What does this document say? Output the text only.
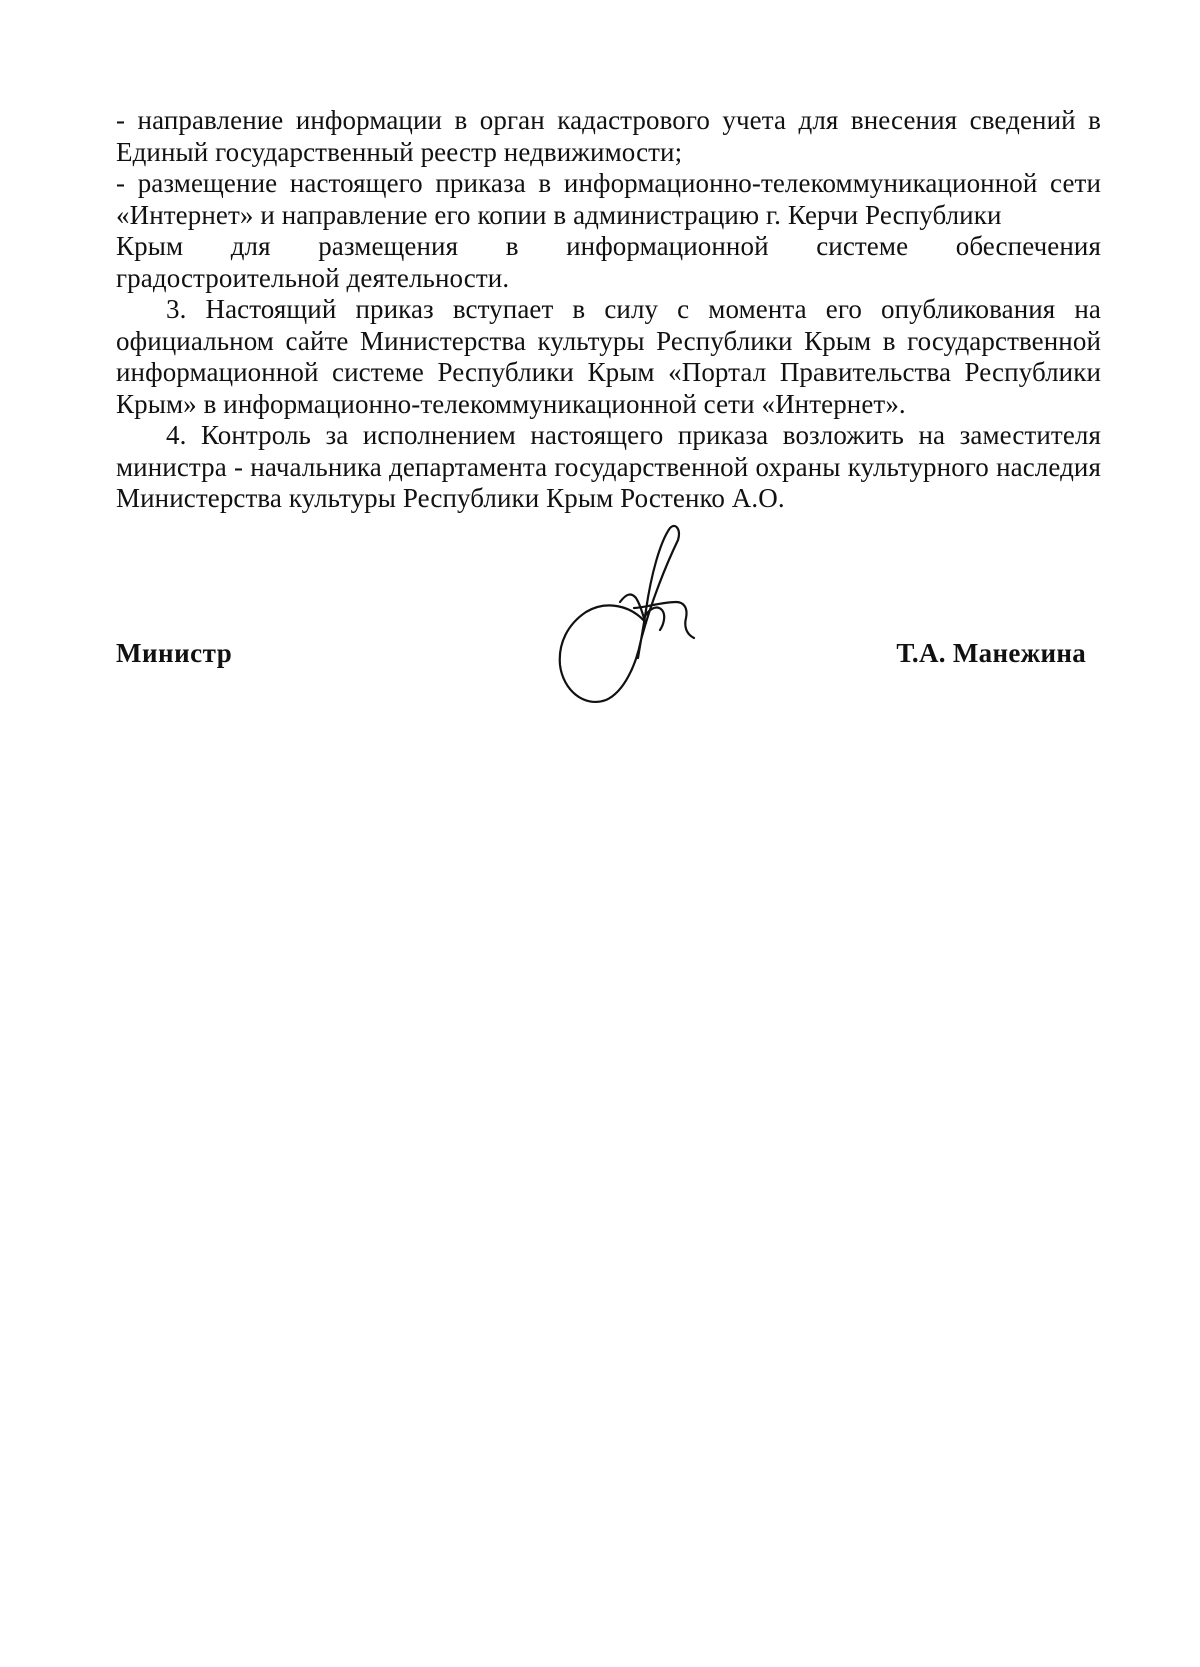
- направление информации в орган кадастрового учета для внесения сведений в Единый государственный реестр недвижимости;

- размещение настоящего приказа в информационно-телекоммуникационной сети «Интернет» и направление его копии в администрацию г. Керчи Республики

Крым для размещения в информационной системе обеспечения

градостроительной деятельности.

3. Настоящий приказ вступает в силу с момента его опубликования на официальном сайте Министерства культуры Республики Крым в государственной информационной системе Республики Крым «Портал Правительства Республики Крым» в информационно-телекоммуникационной сети «Интернет».

4. Контроль за исполнением настоящего приказа возложить на заместителя министра - начальника департамента государственной охраны культурного наследия Министерства культуры Республики Крым Ростенко А.О.

Министр	Т.А. Манежина
